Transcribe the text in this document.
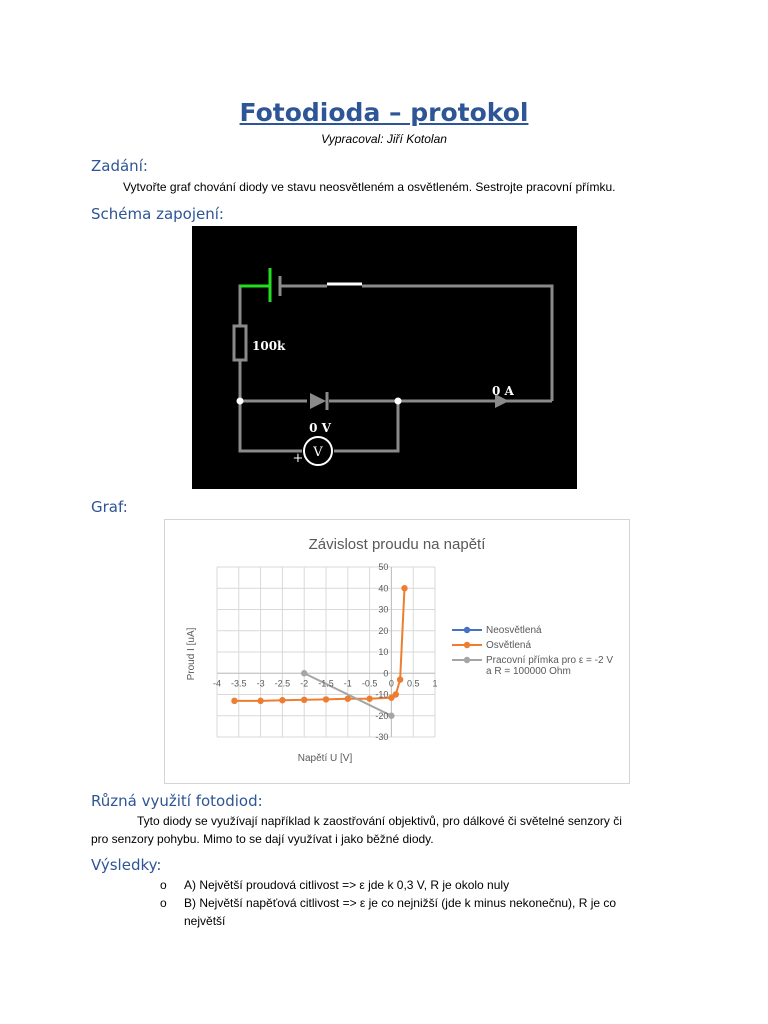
Fotodioda – protokol
Vypracoval: Jiří Kotolan
Zadání:
Vytvořte graf chování diody ve stavu neosvětleném a osvětleném. Sestrojte pracovní přímku.
Schéma zapojení:
V
+
0 V
100k
0 A
Graf:
Závislost proudu na napětí
-4 -3.5 -3 -2.5 -2 -1.5 -1 -0.5 0 0.5 1
-30
-20
-10
0
10
20
30
40
50
Napětí U [V]
Proud I [uA]	Neosvětlená
Osvětlená
Pracovní přímka pro ε = -2 V
a R = 100000 Ohm
Různá využití fotodiod:
Tyto diody se využívají například k zaostřování objektivů, pro dálkové či světelné senzory či
pro senzory pohybu. Mimo to se dají využívat i jako běžné diody.
Výsledky:
o A) Největší proudová citlivost => ε jde k 0,3 V, R je okolo nuly
o B) Největší napěťová citlivost => ε je co nejnižší (jde k minus nekonečnu), R je co
největší
